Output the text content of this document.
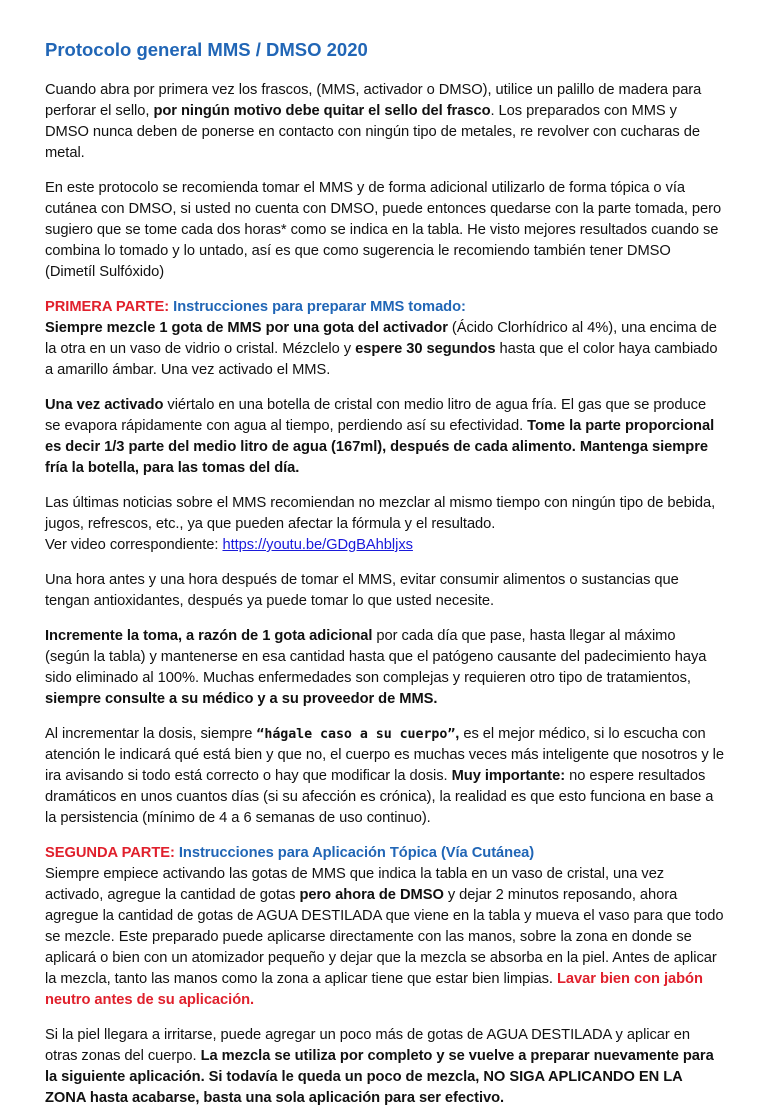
Protocolo general MMS / DMSO 2020

Cuando abra por primera vez los frascos, (MMS, activador o DMSO), utilice un palillo de madera para perforar el sello, por ningún motivo debe quitar el sello del frasco. Los preparados con MMS y DMSO nunca deben de ponerse en contacto con ningún tipo de metales, re revolver con cucharas de metal.

En este protocolo se recomienda tomar el MMS y de forma adicional utilizarlo de forma tópica o vía cutánea con DMSO, si usted no cuenta con DMSO, puede entonces quedarse con la parte tomada, pero sugiero que se tome cada dos horas* como se indica en la tabla. He visto mejores resultados cuando se combina lo tomado y lo untado, así es que como sugerencia le recomiendo también tener DMSO (Dimetíl Sulfóxido)

PRIMERA PARTE: Instrucciones para preparar MMS tomado:

Siempre mezcle 1 gota de MMS por una gota del activador (Ácido Clorhídrico al 4%), una encima de la otra en un vaso de vidrio o cristal. Mézclelo y espere 30 segundos hasta que el color haya cambiado a amarillo ámbar. Una vez activado el MMS.

Una vez activado viértalo en una botella de cristal con medio litro de agua fría. El gas que se produce se evapora rápidamente con agua al tiempo, perdiendo así su efectividad. Tome la parte proporcional es decir 1/3 parte del medio litro de agua (167ml), después de cada alimento. Mantenga siempre fría la botella, para las tomas del día.

Las últimas noticias sobre el MMS recomiendan no mezclar al mismo tiempo con ningún tipo de bebida, jugos, refrescos, etc., ya que pueden afectar la fórmula y el resultado.
Ver video correspondiente: https://youtu.be/GDgBAhbljxs

Una hora antes y una hora después de tomar el MMS, evitar consumir alimentos o sustancias que tengan antioxidantes, después ya puede tomar lo que usted necesite.

Incremente la toma, a razón de 1 gota adicional por cada día que pase, hasta llegar al máximo (según la tabla) y mantenerse en esa cantidad hasta que el patógeno causante del padecimiento haya sido eliminado al 100%. Muchas enfermedades son complejas y requieren otro tipo de tratamientos, siempre consulte a su médico y a su proveedor de MMS.

Al incrementar la dosis, siempre “hágale caso a su cuerpo”, es el mejor médico, si lo escucha con atención le indicará qué está bien y que no, el cuerpo es muchas veces más inteligente que nosotros y le ira avisando si todo está correcto o hay que modificar la dosis. Muy importante: no espere resultados dramáticos en unos cuantos días (si su afección es crónica), la realidad es que esto funciona en base a la persistencia (mínimo de 4 a 6 semanas de uso continuo).

SEGUNDA PARTE: Instrucciones para Aplicación Tópica (Vía Cutánea)

Siempre empiece activando las gotas de MMS que indica la tabla en un vaso de cristal, una vez activado, agregue la cantidad de gotas pero ahora de DMSO y dejar 2 minutos reposando, ahora agregue la cantidad de gotas de AGUA DESTILADA que viene en la tabla y mueva el vaso para que todo se mezcle. Este preparado puede aplicarse directamente con las manos, sobre la zona en donde se aplicará o bien con un atomizador pequeño y dejar que la mezcla se absorba en la piel. Antes de aplicar la mezcla, tanto las manos como la zona a aplicar tiene que estar bien limpias. Lavar bien con jabón neutro antes de su aplicación.

Si la piel llegara a irritarse, puede agregar un poco más de gotas de AGUA DESTILADA y aplicar en otras zonas del cuerpo. La mezcla se utiliza por completo y se vuelve a preparar nuevamente para la siguiente aplicación. Si todavía le queda un poco de mezcla, NO SIGA APLICANDO EN LA ZONA hasta acabarse, basta una sola aplicación para ser efectivo.
